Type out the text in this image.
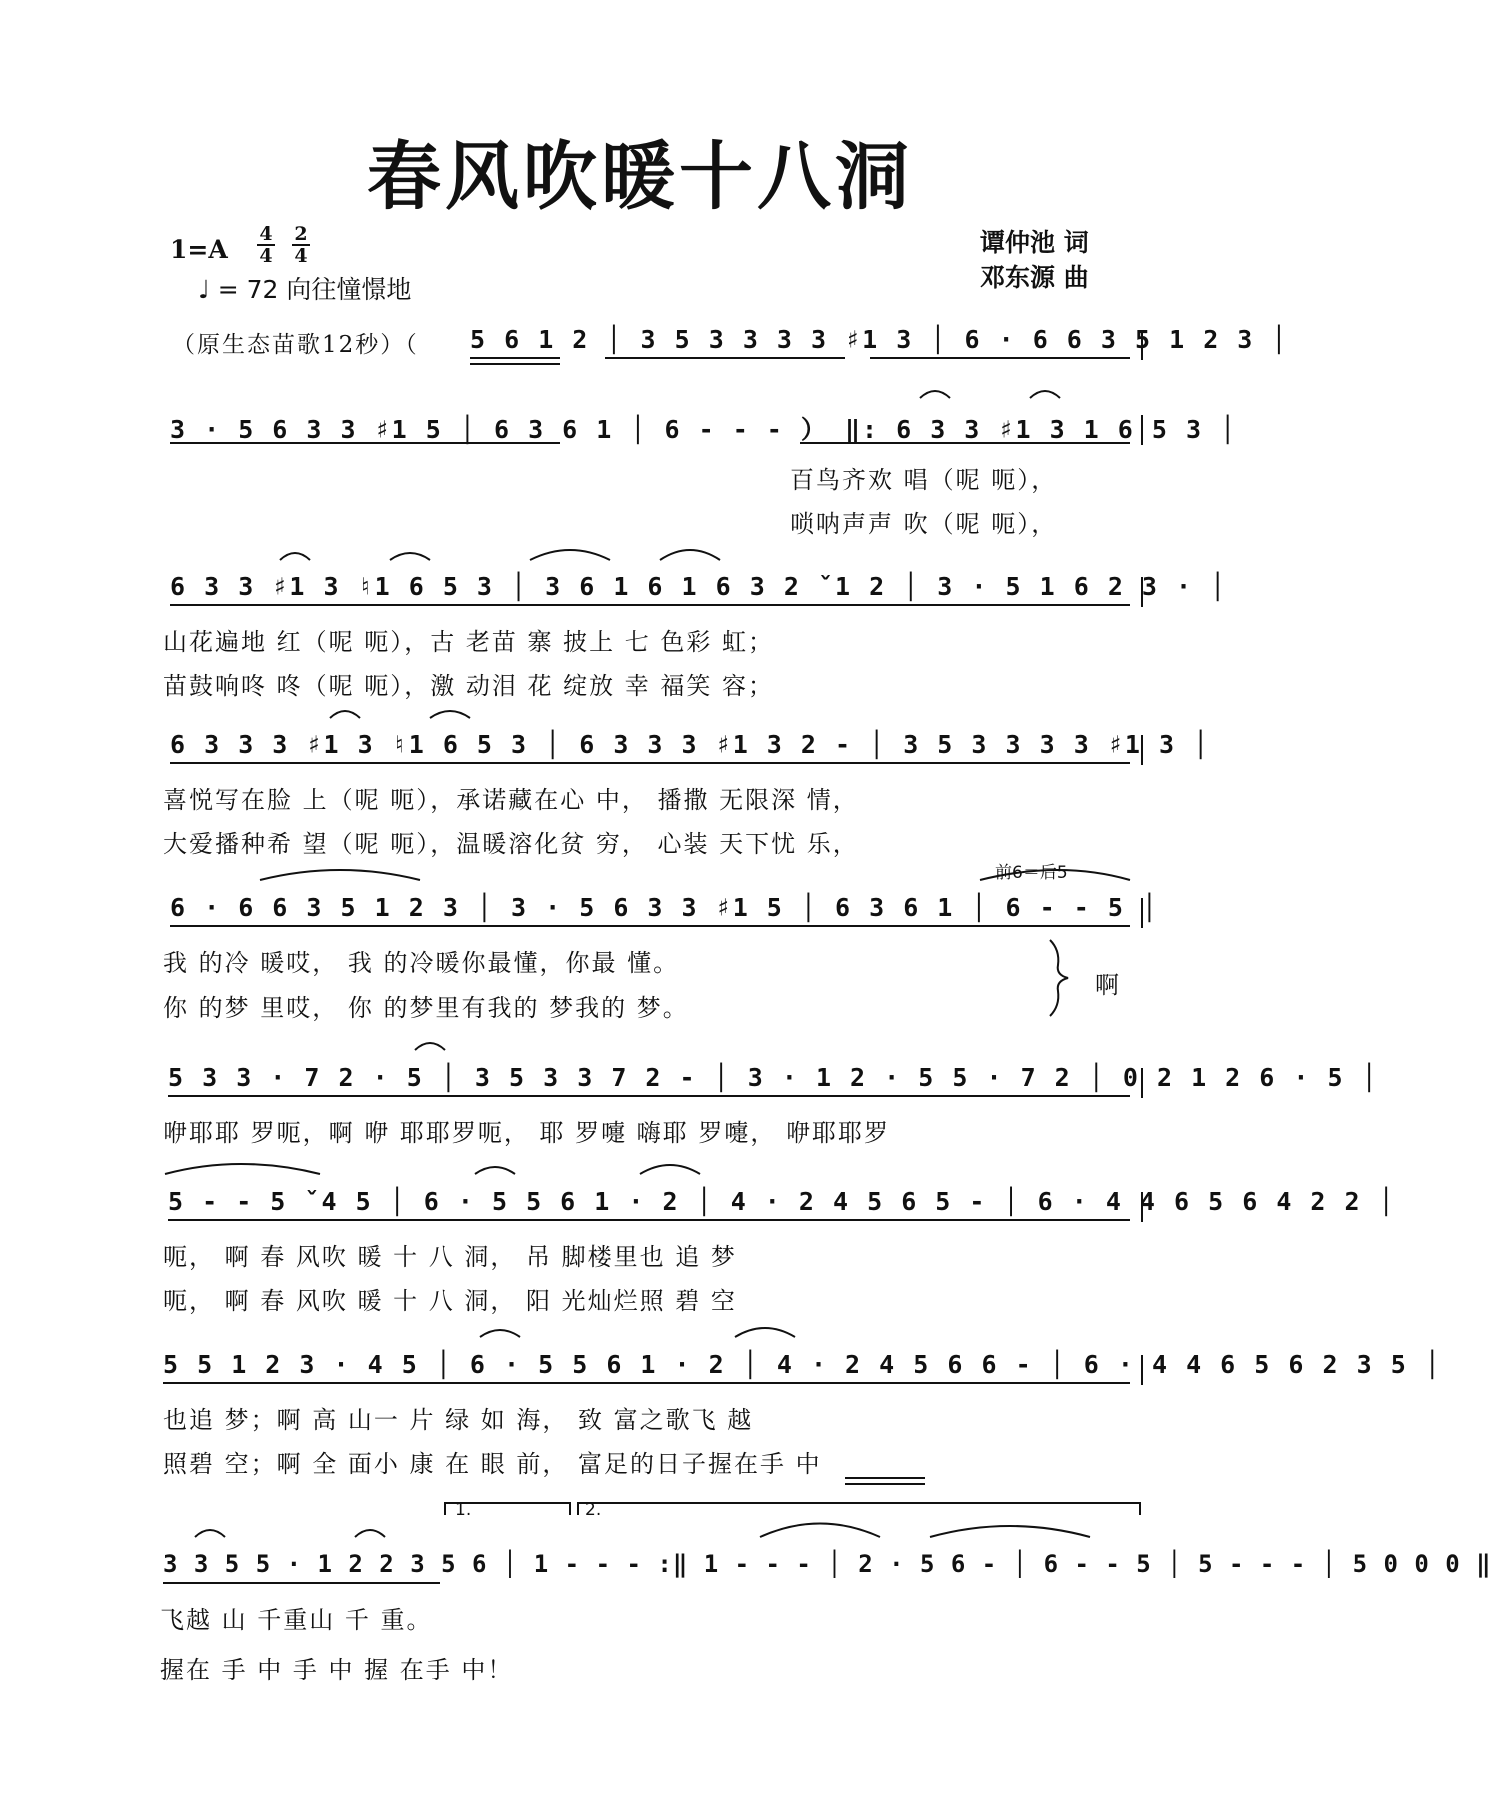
春风吹暖十八洞
1=A
4
4
2
4
♩ = 72 向往憧憬地
谭仲池 词
邓东源 曲
（原生态苗歌12秒）（ 5 6 1 2 │ 3 5 3 3 3 3 ♯1 3 │ 6 · 6 6 3 5 1 2 3 │
3 · 5 6 3 3 ♯1 5 │ 6 3 6 1 │ 6 - - - ） ‖: 6 3 3 ♯1 3 1 6 5 3 │
百鸟齐欢 唱（呢 呃），
唢呐声声 吹（呢 呃），
6 3 3 ♯1 3 ♮1 6 5 3 │ 3 6 1 6 1 6 3 2 ˇ1 2 │ 3 · 5 1 6 2 3 · │
山花遍地 红（呢 呃），古 老苗 寨 披上 七 色彩 虹；
苗鼓响咚 咚（呢 呃），激 动泪 花 绽放 幸 福笑 容；
6 3 3 3 ♯1 3 ♮1 6 5 3 │ 6 3 3 3 ♯1 3 2 - │ 3 5 3 3 3 3 ♯1 3 │
喜悦写在脸 上（呢 呃），承诺藏在心 中， 播撒 无限深 情，
大爱播种希 望（呢 呃），温暖溶化贫 穷， 心装 天下忧 乐，
前6＝后5
6 · 6 6 3 5 1 2 3 │ 3 · 5 6 3 3 ♯1 5 │ 6 3 6 1 │ 6 - - 5 │
我 的冷 暖哎， 我 的冷暖你最懂，你最 懂。
你 的梦 里哎， 你 的梦里有我的 梦我的 梦。
啊
5 3 3 · 7 2 · 5 │ 3 5 3 3 7 2 - │ 3 · 1 2 · 5 5 · 7 2 │ 0 2 1 2 6 · 5 │
咿耶耶 罗呃，啊 咿 耶耶罗呃， 耶 罗嚏 嗨耶 罗嚏， 咿耶耶罗
5 - - 5 ˇ4 5 │ 6 · 5 5 6 1 · 2 │ 4 · 2 4 5 6 5 - │ 6 · 4 4 6 5 6 4 2 2 │
呃， 啊 春 风吹 暖 十 八 洞， 吊 脚楼里也 追 梦
呃， 啊 春 风吹 暖 十 八 洞， 阳 光灿烂照 碧 空
5 5 1 2 3 · 4 5 │ 6 · 5 5 6 1 · 2 │ 4 · 2 4 5 6 6 - │ 6 · 4 4 6 5 6 2 3 5 │
也追 梦；啊 高 山一 片 绿 如 海， 致 富之歌飞 越
照碧 空；啊 全 面小 康 在 眼 前， 富足的日子握在手 中
1.	2.
3 3 5 5 · 1 2 2 3 5 6 │ 1 - - - :‖ 1 - - - │ 2 · 5 6 - │ 6 - - 5 │ 5 - - - │ 5 0 0 0 ‖
飞越 山 千重山 千 重。
握在 手 中 手 中 握 在手 中！
